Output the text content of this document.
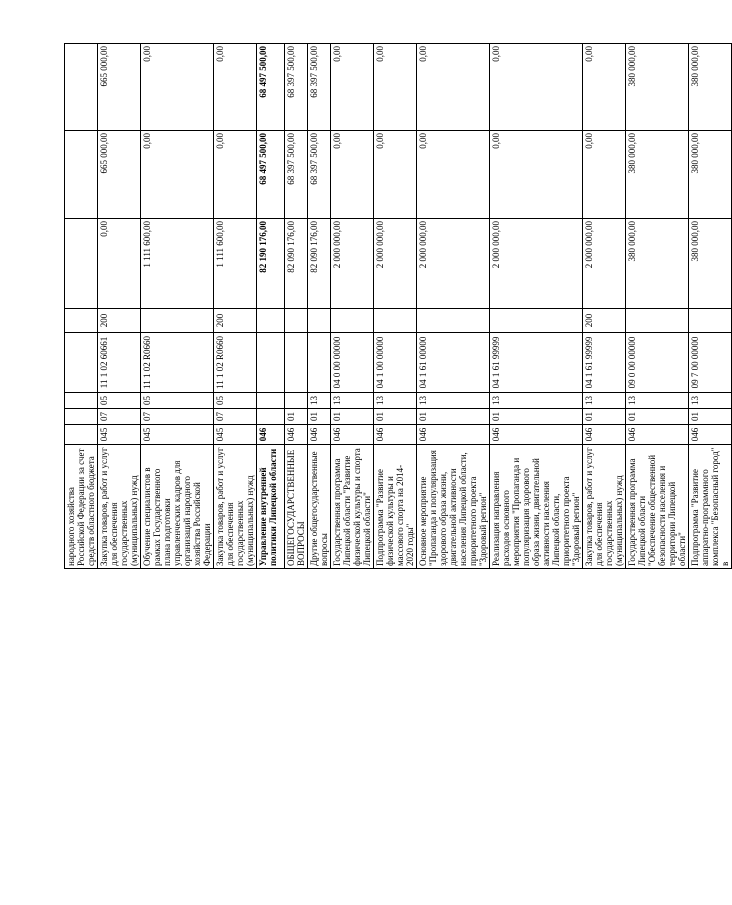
народного хозяйства Российской Федерации за счет средств областного бюджета								
Закупка товаров, работ и услуг для обеспечения государственных (муниципальных) нужд	045	07	05	11 1 02 60661	200	0,00	665 000,00	665 000,00
Обучение специалистов в рамках Государственного плана подготовки управленческих кадров для организаций народного хозяйства Российской Федерации	045	07	05	11 1 02 R0660		1 111 600,00	0,00	0,00
Закупка товаров, работ и услуг для обеспечения государственных (муниципальных) нужд	045	07	05	11 1 02 R0660	200	1 111 600,00	0,00	0,00
Управление внутренней политики Липецкой области	046					82 190 176,00	68 497 500,00	68 497 500,00
ОБЩЕГОСУДАРСТВЕННЫЕ ВОПРОСЫ	046	01				82 090 176,00	68 397 500,00	68 397 500,00
Другие общегосударственные вопросы	046	01	13			82 090 176,00	68 397 500,00	68 397 500,00
Государственная программа Липецкой области "Развитие физической культуры и спорта Липецкой области"	046	01	13	04 0 00 00000		2 000 000,00	0,00	0,00
Подпрограмма "Развитие физической культуры и массового спорта на 2014-2020 годы"	046	01	13	04 1 00 00000		2 000 000,00	0,00	0,00
Основное мероприятие "Пропаганда и популяризация здорового образа жизни, двигательной активности населения Липецкой области, приоритетного проекта "Здоровый регион"	046	01	13	04 1 61 00000		2 000 000,00	0,00	0,00
Реализация направления расходов основного мероприятия "Пропаганда и популяризация здорового образа жизни, двигательной активности населения Липецкой области, приоритетного проекта "Здоровый регион"	046	01	13	04 1 61 99999		2 000 000,00	0,00	0,00
Закупка товаров, работ и услуг для обеспечения государственных (муниципальных) нужд	046	01	13	04 1 61 99999	200	2 000 000,00	0,00	0,00
Государственная программа Липецкой области "Обеспечение общественной безопасности населения и территории Липецкой области"	046	01	13	09 0 00 00000		380 000,00	380 000,00	380 000,00
Подпрограмма "Развитие аппаратно-программного комплекса "Безопасный город" в	046	01	13	09 7 00 00000		380 000,00	380 000,00	380 000,00
